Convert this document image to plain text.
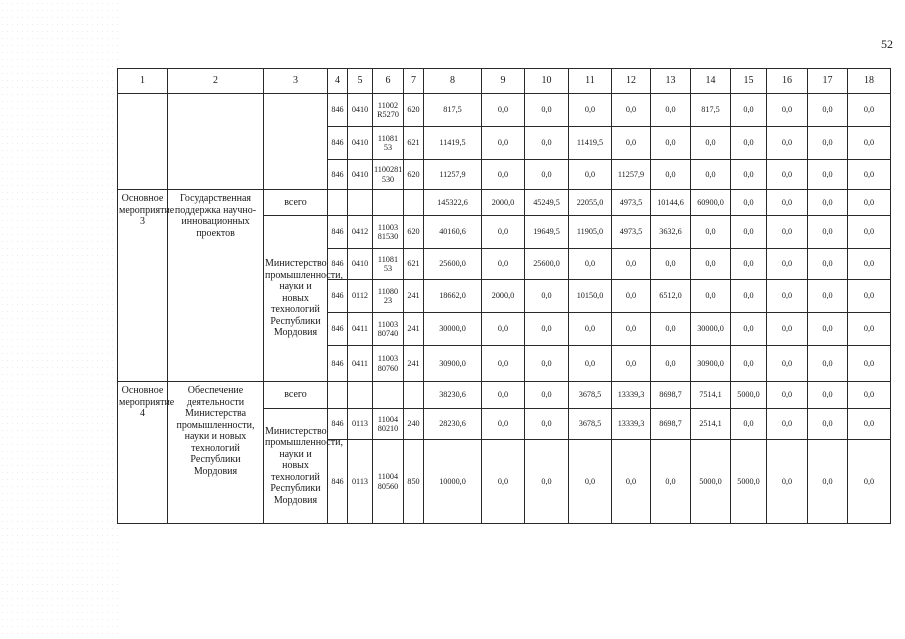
52
1	2	3	4	5	6	7	8	9	10	11	12	13	14	15	16	17	18
			846	0410	11002 R5270	620	817,5	0,0	0,0	0,0	0,0	0,0	817,5	0,0	0,0	0,0	0,0
			846	0410	11081 53	621	11419,5	0,0	0,0	11419,5	0,0	0,0	0,0	0,0	0,0	0,0	0,0
			846	0410	1100281 530	620	11257,9	0,0	0,0	0,0	11257,9	0,0	0,0	0,0	0,0	0,0	0,0
Основное мероприятие 3	Государственная поддержка научно-инновационных проектов	всего					145322,6	2000,0	45249,5	22055,0	4973,5	10144,6	60900,0	0,0	0,0	0,0	0,0
		Министерство промышленности, науки и новых технологий Республики Мордовия	846	0412	11003 81530	620	40160,6	0,0	19649,5	11905,0	4973,5	3632,6	0,0	0,0	0,0	0,0	0,0
			846	0410	11081 53	621	25600,0	0,0	25600,0	0,0	0,0	0,0	0,0	0,0	0,0	0,0	0,0
			846	0112	11080 23	241	18662,0	2000,0	0,0	10150,0	0,0	6512,0	0,0	0,0	0,0	0,0	0,0
			846	0411	11003 80740	241	30000,0	0,0	0,0	0,0	0,0	0,0	30000,0	0,0	0,0	0,0	0,0
			846	0411	11003 80760	241	30900,0	0,0	0,0	0,0	0,0	0,0	30900,0	0,0	0,0	0,0	0,0
Основное мероприятие 4	Обеспечение деятельности Министерства промышленности, науки и новых технологий Республики Мордовия	всего					38230,6	0,0	0,0	3678,5	13339,3	8698,7	7514,1	5000,0	0,0	0,0	0,0
		Министерство промышленности, науки и новых технологий Республики Мордовия	846	0113	11004 80210	240	28230,6	0,0	0,0	3678,5	13339,3	8698,7	2514,1	0,0	0,0	0,0	0,0
			846	0113	11004 80560	850	10000,0	0,0	0,0	0,0	0,0	0,0	5000,0	5000,0	0,0	0,0	0,0
